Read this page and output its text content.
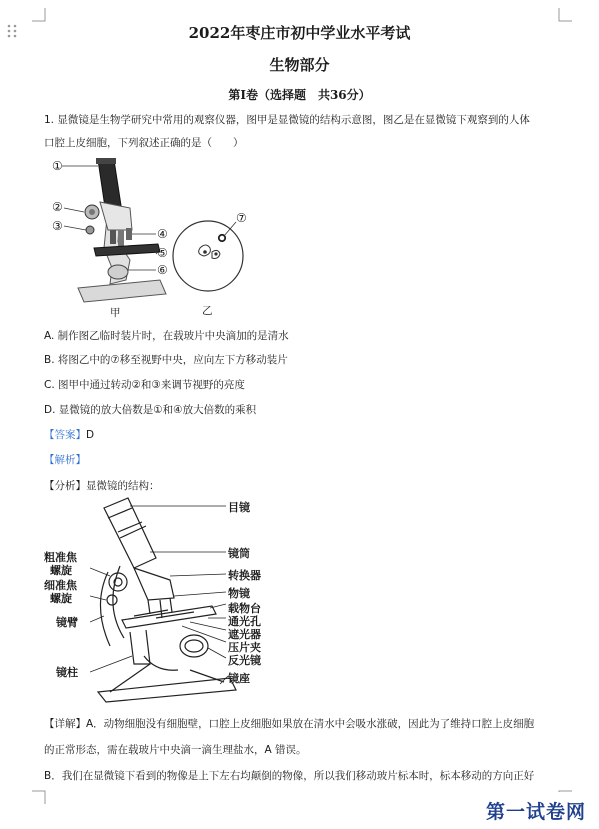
2022年枣庄市初中学业水平考试
生物部分
第Ⅰ卷（选择题　共36分）
1. 显微镜是生物学研究中常用的观察仪器，图甲是显微镜的结构示意图，图乙是在显微镜下观察到的人体
口腔上皮细胞，下列叙述正确的是（　　）
①
②
③
④
⑤
⑥
甲
⑦
乙
A. 制作图乙临时装片时，在载玻片中央滴加的是清水
B. 将图乙中的⑦移至视野中央，应向左下方移动装片
C. 图甲中通过转动②和③来调节视野的亮度
D. 显微镜的放大倍数是①和④放大倍数的乘积
【答案】D
【解析】
【分析】显微镜的结构：
目镜
镜筒
转换器
物镜
载物台
通光孔
遮光器
压片夹
反光镜
镜座
粗准焦
螺旋
细准焦
螺旋
镜臂
镜柱
【详解】A．动物细胞没有细胞壁，口腔上皮细胞如果放在清水中会吸水涨破，因此为了维持口腔上皮细胞
的正常形态，需在载玻片中央滴一滴生理盐水，A 错误。
B．我们在显微镜下看到的物像是上下左右均颠倒的物像，所以我们移动玻片标本时，标本移动的方向正好
第一试卷网
